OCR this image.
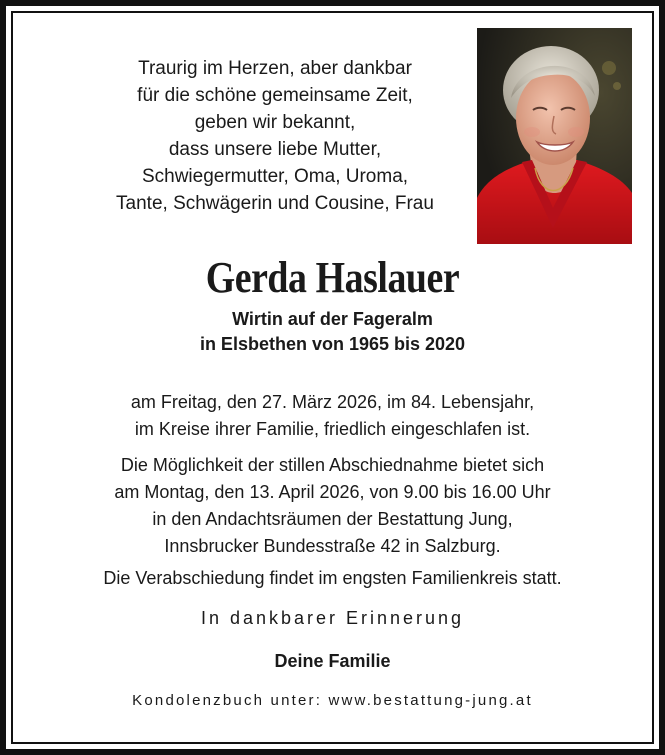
Traurig im Herzen, aber dankbar
für die schöne gemeinsame Zeit,
geben wir bekannt,
dass unsere liebe Mutter,
Schwiegermutter, Oma, Uroma,
Tante, Schwägerin und Cousine, Frau
Gerda Haslauer
Wirtin auf der Fageralm
in Elsbethen von 1965 bis 2020
am Freitag, den 27. März 2026, im 84. Lebensjahr,
im Kreise ihrer Familie, friedlich eingeschlafen ist.
Die Möglichkeit der stillen Abschiednahme bietet sich
am Montag, den 13. April 2026, von 9.00 bis 16.00 Uhr
in den Andachtsräumen der Bestattung Jung,
Innsbrucker Bundesstraße 42 in Salzburg.
Die Verabschiedung findet im engsten Familienkreis statt.
In dankbarer Erinnerung
Deine Familie
Kondolenzbuch unter: www.bestattung-jung.at
